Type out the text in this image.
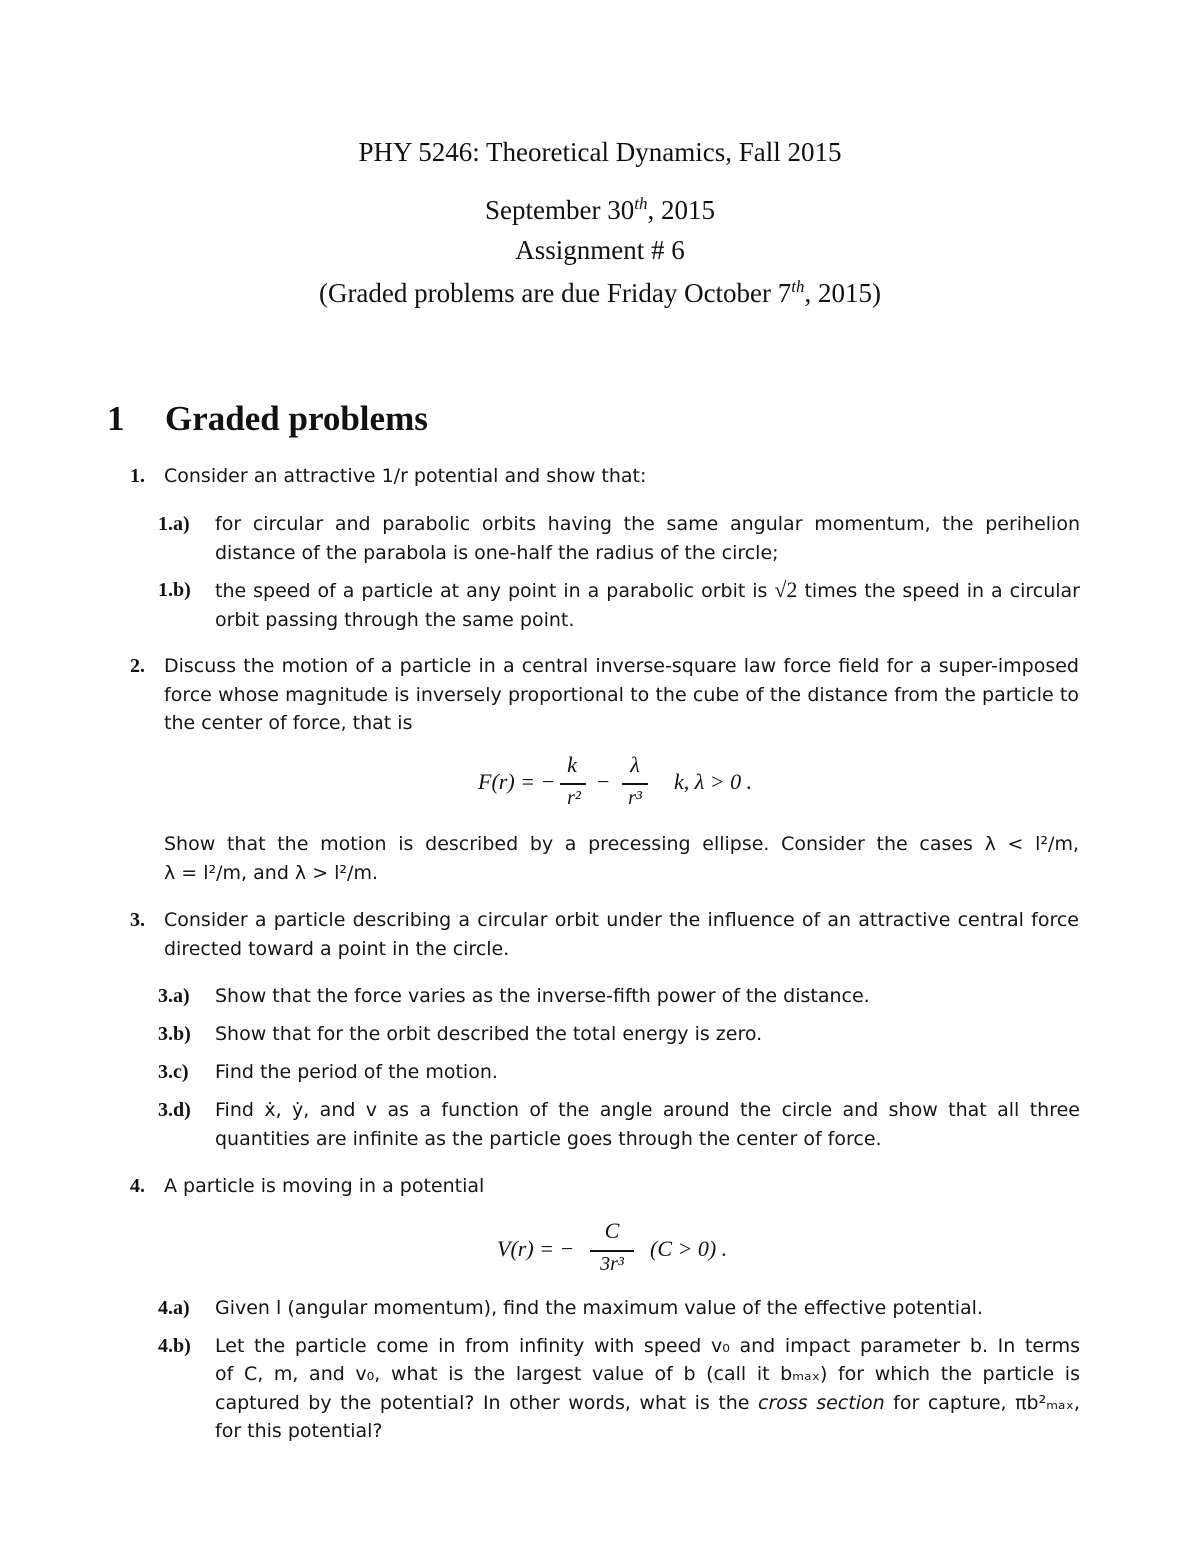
PHY 5246: Theoretical Dynamics, Fall 2015
September 30th, 2015
Assignment # 6
(Graded problems are due Friday October 7th, 2015)
1 Graded problems
1. Consider an attractive 1/r potential and show that:
1.a) for circular and parabolic orbits having the same angular momentum, the perihelion distance of the parabola is one-half the radius of the circle;
1.b) the speed of a particle at any point in a parabolic orbit is √2 times the speed in a circular orbit passing through the same point.
2. Discuss the motion of a particle in a central inverse-square law force field for a super-imposed force whose magnitude is inversely proportional to the cube of the distance from the particle to the center of force, that is
F(r) = −
k
r²
−
λ
r³
k, λ > 0 .
Show that the motion is described by a precessing ellipse. Consider the cases λ < l²/m,
λ = l²/m, and λ > l²/m.
3. Consider a particle describing a circular orbit under the influence of an attractive central force directed toward a point in the circle.
3.a) Show that the force varies as the inverse-fifth power of the distance.
3.b) Show that for the orbit described the total energy is zero.
3.c) Find the period of the motion.
3.d) Find ẋ, ẏ, and v as a function of the angle around the circle and show that all three quantities are infinite as the particle goes through the center of force.
4. A particle is moving in a potential
V(r) = −
C
3r³
(C > 0) .
4.a) Given l (angular momentum), find the maximum value of the effective potential.
4.b) Let the particle come in from infinity with speed v₀ and impact parameter b. In terms
of C, m, and v₀, what is the largest value of b (call it bₘₐₓ) for which the particle is
captured by the potential? In other words, what is the cross section for capture, πb²ₘₐₓ,
for this potential?
